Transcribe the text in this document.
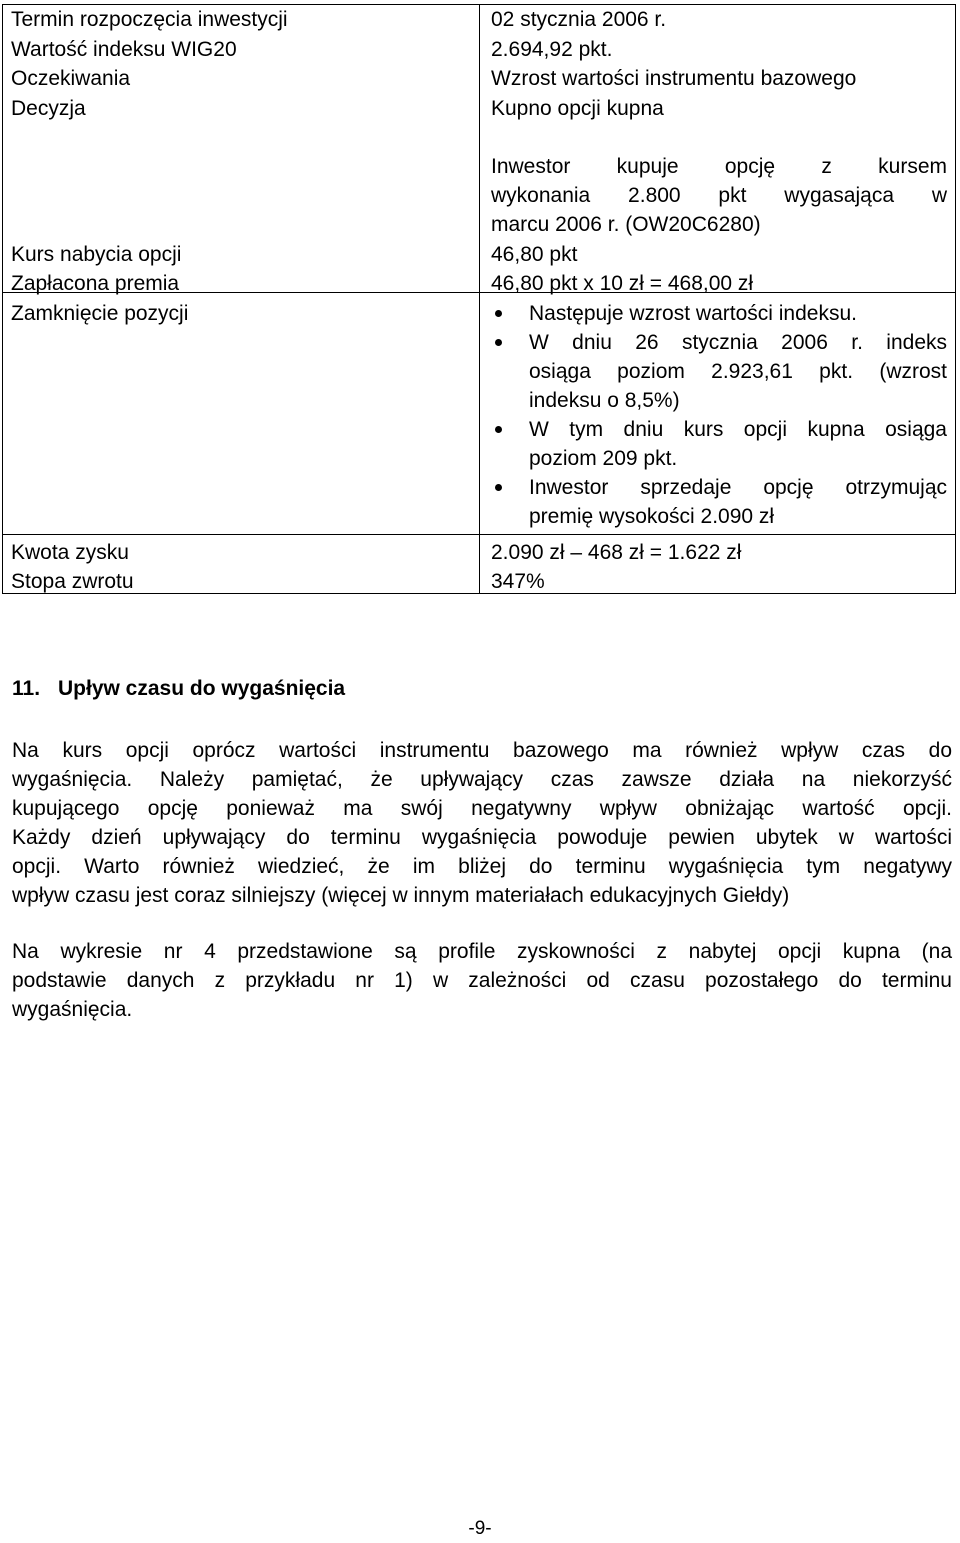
Termin rozpoczęcia inwestycji	02 stycznia 2006 r.
Wartość indeksu WIG20	2.694,92 pkt.
Oczekiwania	Wzrost wartości instrumentu bazowego
Decyzja	Kupno opcji kupna
Inwestor kupuje opcję z kursem
wykonania 2.800 pkt wygasająca w
marcu 2006 r. (OW20C6280)
Kurs nabycia opcji	46,80 pkt
Zapłacona premia	46,80 pkt x 10 zł = 468,00 zł
Zamknięcie pozycji	Następuje wzrost wartości indeksu.
W dniu 26 stycznia 2006 r. indeks
osiąga poziom 2.923,61 pkt. (wzrost
indeksu o 8,5%)
W tym dniu kurs opcji kupna osiąga
poziom 209 pkt.
Inwestor sprzedaje opcję otrzymując
premię wysokości 2.090 zł
Kwota zysku	2.090 zł – 468 zł = 1.622 zł
Stopa zwrotu	347%
11. Upływ czasu do wygaśnięcia
Na kurs opcji oprócz wartości instrumentu bazowego ma również wpływ czas do
wygaśnięcia. Należy pamiętać, że upływający czas zawsze działa na niekorzyść
kupującego opcję ponieważ ma swój negatywny wpływ obniżając wartość opcji.
Każdy dzień upływający do terminu wygaśnięcia powoduje pewien ubytek w wartości
opcji. Warto również wiedzieć, że im bliżej do terminu wygaśnięcia tym negatywy
wpływ czasu jest coraz silniejszy (więcej w innym materiałach edukacyjnych Giełdy)
Na wykresie nr 4 przedstawione są profile zyskowności z nabytej opcji kupna (na
podstawie danych z przykładu nr 1) w zależności od czasu pozostałego do terminu
wygaśnięcia.
-9-
